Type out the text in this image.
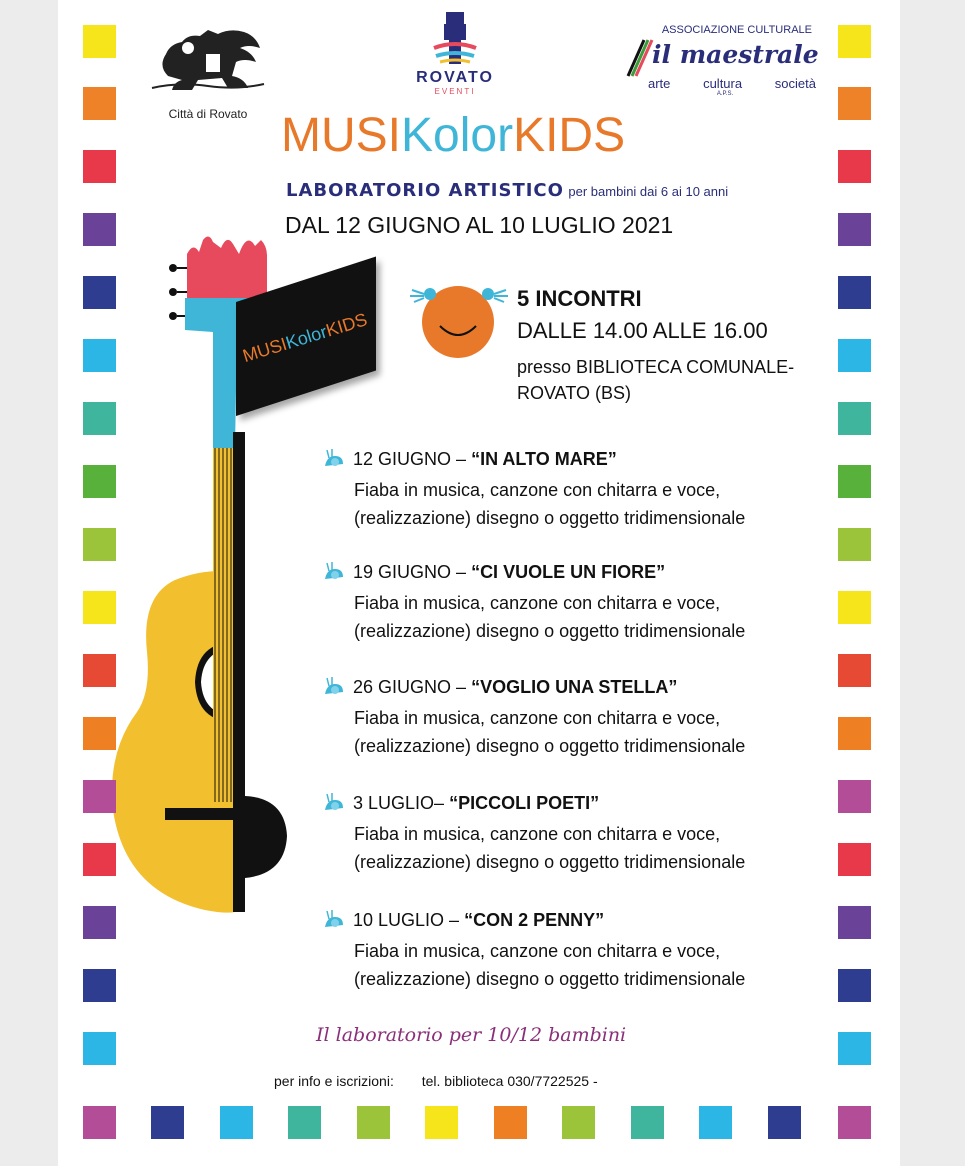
Città di Rovato
ROVATO
EVENTI
ASSOCIAZIONE CULTURALE
il maestrale
arte	cultura	società
A.P.S.
MUSIKolorKIDS
LABORATORIO ARTISTICO per bambini dai 6 ai 10 anni
DAL 12 GIUGNO AL 10 LUGLIO 2021
MUSIKolorKIDS
5 INCONTRI
DALLE 14.00 ALLE 16.00
presso BIBLIOTECA COMUNALE-
ROVATO (BS)
12 GIUGNO – “IN ALTO MARE”
Fiaba in musica, canzone con chitarra e voce,
(realizzazione) disegno o oggetto tridimensionale
19 GIUGNO – “CI VUOLE UN FIORE”
Fiaba in musica, canzone con chitarra e voce,
(realizzazione) disegno o oggetto tridimensionale
26 GIUGNO – “VOGLIO UNA STELLA”
Fiaba in musica, canzone con chitarra e voce,
(realizzazione) disegno o oggetto tridimensionale
3 LUGLIO– “PICCOLI POETI”
Fiaba in musica, canzone con chitarra e voce,
(realizzazione) disegno o oggetto tridimensionale
10 LUGLIO – “CON 2 PENNY”
Fiaba in musica, canzone con chitarra e voce,
(realizzazione) disegno o oggetto tridimensionale
Il laboratorio per 10/12 bambini
per info e iscrizioni: tel. biblioteca 030/7722525 -
